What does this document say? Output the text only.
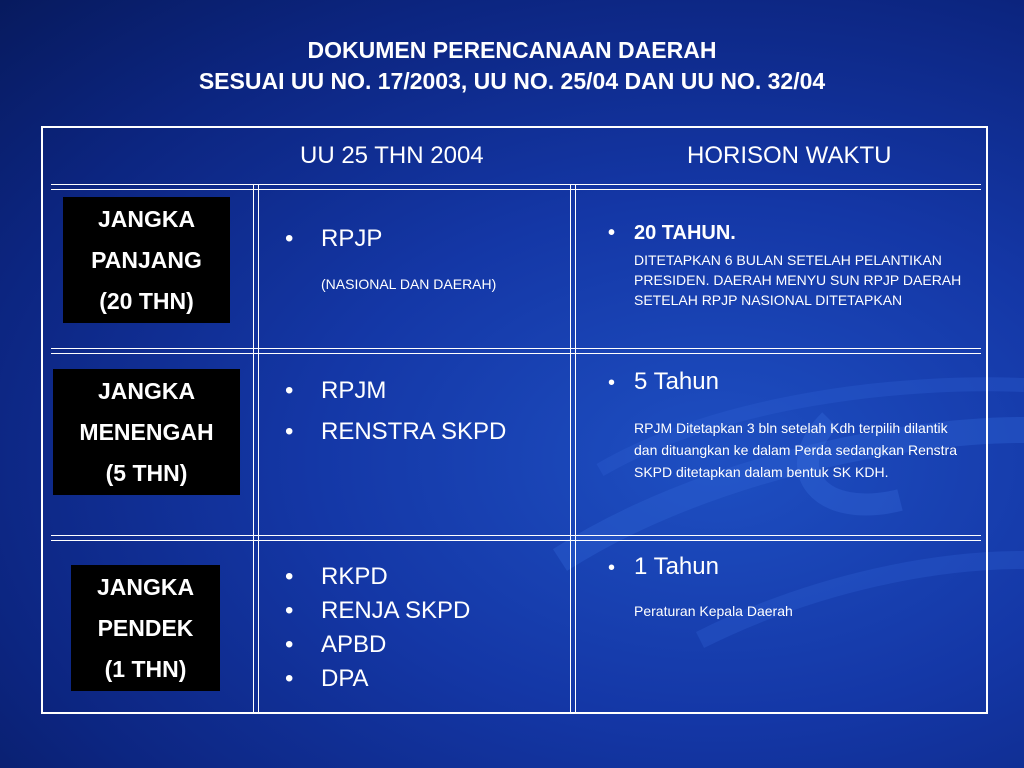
DOKUMEN PERENCANAAN DAERAH
SESUAI UU NO. 17/2003, UU NO. 25/04 DAN UU NO. 32/04
UU 25 THN 2004	HORISON WAKTU
JANGKA
PANJANG
(20 THN)
• RPJP
(NASIONAL DAN DAERAH)
• 20 TAHUN.
DITETAPKAN 6 BULAN SETELAH PELANTIKAN PRESIDEN. DAERAH MENYU SUN RPJP DAERAH SETELAH RPJP NASIONAL DITETAPKAN
JANGKA
MENENGAH
(5 THN)
• RPJM
• RENSTRA SKPD
• 5 Tahun
RPJM Ditetapkan 3 bln setelah Kdh terpilih dilantik dan dituangkan ke dalam Perda sedangkan Renstra SKPD ditetapkan dalam bentuk SK KDH.
JANGKA
PENDEK
(1 THN)
• RKPD
• RENJA SKPD
• APBD
• DPA
• 1 Tahun
Peraturan Kepala Daerah
